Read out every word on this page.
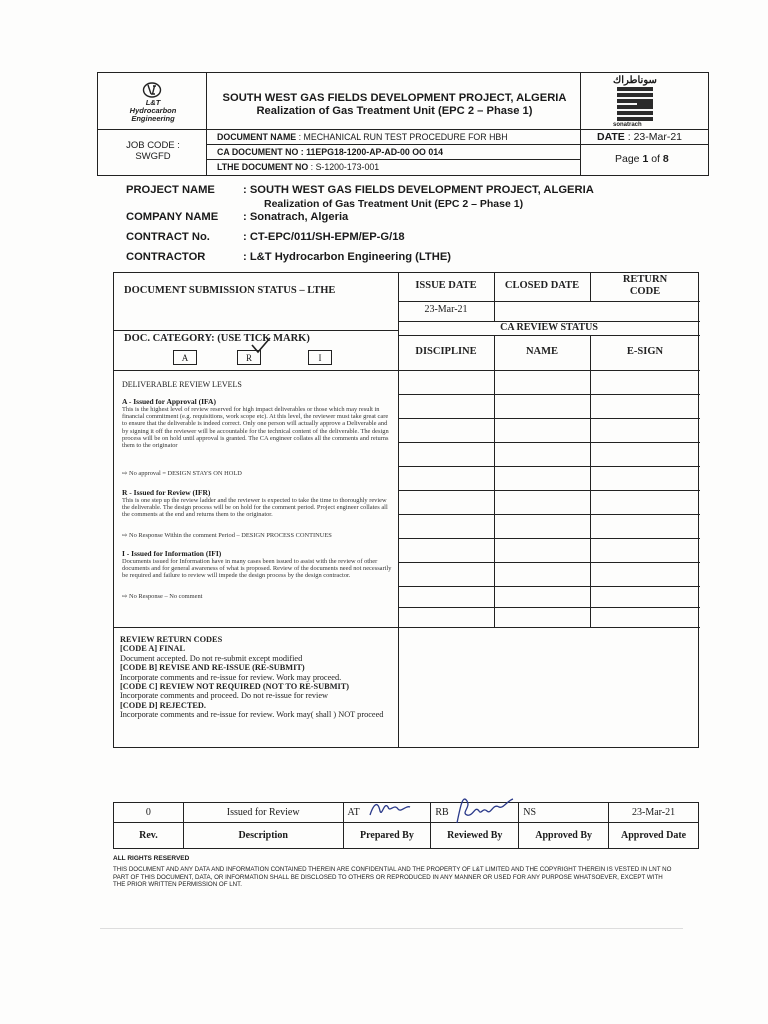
L&T Hydrocarbon Engineering
SOUTH WEST GAS FIELDS DEVELOPMENT PROJECT, ALGERIA
Realization of Gas Treatment Unit (EPC 2 – Phase 1)
سوناطراك
sonatrach
JOB CODE :
SWGFD
DOCUMENT NAME : MECHANICAL RUN TEST PROCEDURE FOR HBH
CA DOCUMENT NO : 11EPG18-1200-AP-AD-00 OO 014
LTHE DOCUMENT NO : S-1200-173-001
DATE : 23-Mar-21
Page 1 of 8
PROJECT NAME	: SOUTH WEST GAS FIELDS DEVELOPMENT PROJECT, ALGERIA
Realization of Gas Treatment Unit (EPC 2 – Phase 1)
COMPANY NAME : Sonatrach, Algeria
CONTRACT No.	: CT-EPC/011/SH-EPM/EP-G/18
CONTRACTOR	: L&T Hydrocarbon Engineering (LTHE)
DOCUMENT SUBMISSION STATUS – LTHE	ISSUE DATE	CLOSED DATE
RETURN
CODE
23-Mar-21
CA REVIEW STATUS
DOC. CATEGORY: (USE TICK MARK)
A	R	I
DISCIPLINE	NAME	E-SIGN
DELIVERABLE REVIEW LEVELS
A - Issued for Approval (IFA)
This is the highest level of review reserved for high impact deliverables or those which may result in financial commitment (e.g. requisitions, work scope etc). At this level, the reviewer must take great care to ensure that the deliverable is indeed correct. Only one person will actually approve a Deliverable and by signing it off the reviewer will be accountable for the technical content of the deliverable. The design process will be on hold until approval is granted. The CA engineer collates all the comments and returns them to the originator
⇨ No approval = DESIGN STAYS ON HOLD
R - Issued for Review (IFR)
This is one step up the review ladder and the reviewer is expected to take the time to thoroughly review the deliverable. The design process will be on hold for the comment period. Project engineer collates all the comments at the end and returns them to the originator.
⇨ No Response Within the comment Period – DESIGN PROCESS CONTINUES
I - Issued for Information (IFI)
Documents issued for Information have in many cases been issued to assist with the review of other documents and for general awareness of what is proposed. Review of the documents need not necessarily be required and failure to review will impede the design process by the design contractor.
⇨ No Response – No comment
REVIEW RETURN CODES
[CODE A] FINAL
Document accepted. Do not re-submit except modified
[CODE B] REVISE AND RE-ISSUE (RE-SUBMIT)
Incorporate comments and re-issue for review. Work may proceed.
[CODE C] REVIEW NOT REQUIRED (NOT TO RE-SUBMIT)
Incorporate comments and proceed. Do not re-issue for review
[CODE D] REJECTED.
Incorporate comments and re-issue for review. Work may( shall ) NOT proceed
0	Issued for Review	AT	RB	NS	23-Mar-21
Rev.	Description	Prepared By	Reviewed By	Approved By	Approved Date
ALL RIGHTS RESERVED
THIS DOCUMENT AND ANY DATA AND INFORMATION CONTAINED THEREIN ARE CONFIDENTIAL AND THE PROPERTY OF L&T LIMITED AND THE COPYRIGHT THEREIN IS VESTED IN LNT NO PART OF THIS DOCUMENT, DATA, OR INFORMATION SHALL BE DISCLOSED TO OTHERS OR REPRODUCED IN ANY MANNER OR USED FOR ANY PURPOSE WHATSOEVER, EXCEPT WITH THE PRIOR WRITTEN PERMISSION OF LNT.
